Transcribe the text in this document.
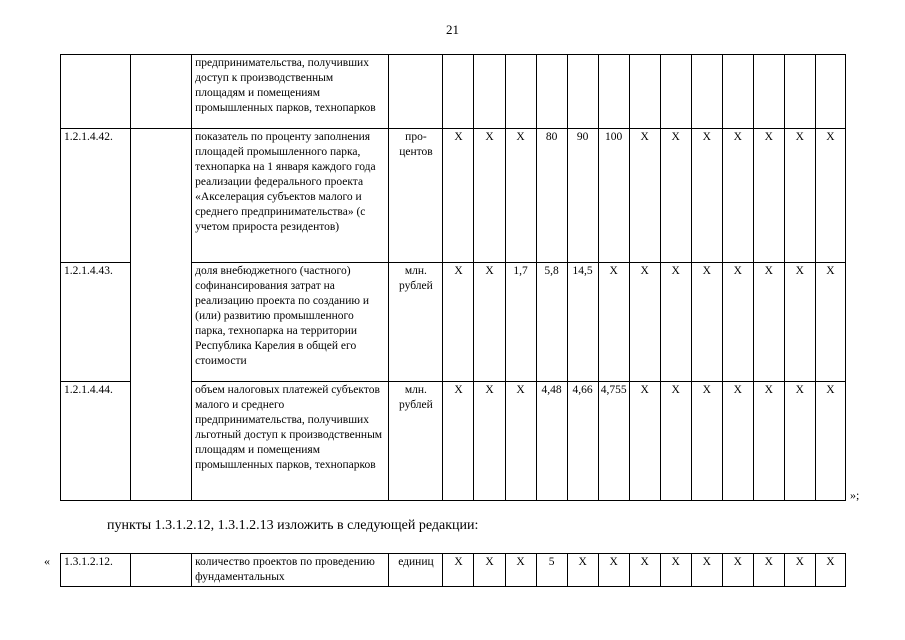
21
		предпринимательства, получивших доступ к производственным площадям и помещениям промышленных парков, технопарков														
1.2.1.4.42.		показатель по проценту заполнения площадей промышленного парка, технопарка на 1 января каждого года реализации федерального проекта «Акселерация субъектов малого и среднего предпринимательства» (с учетом прироста резидентов)	про-центов	X	X	X	80	90	100	X	X	X	X	X	X	X
1.2.1.4.43.		доля внебюджетного (частного) софинансирования затрат на реализацию проекта по созданию и (или) развитию промышленного парка, технопарка на территории Республика Карелия в общей его стоимости	млн. рублей	X	X	1,7	5,8	14,5	X	X	X	X	X	X	X	X
1.2.1.4.44.		объем налоговых платежей субъектов малого и среднего предпринимательства, получивших льготный доступ к производственным площадям и помещениям промышленных парков, технопарков	млн. рублей	X	X	X	4,48	4,66	4,755	X	X	X	X	X	X	X
»;
пункты 1.3.1.2.12, 1.3.1.2.13 изложить в следующей редакции:
« 1.3.1.2.12.		количество проектов по проведению фундаментальных	единиц	X	X	X	5	X	X	X	X	X	X	X	X	X
